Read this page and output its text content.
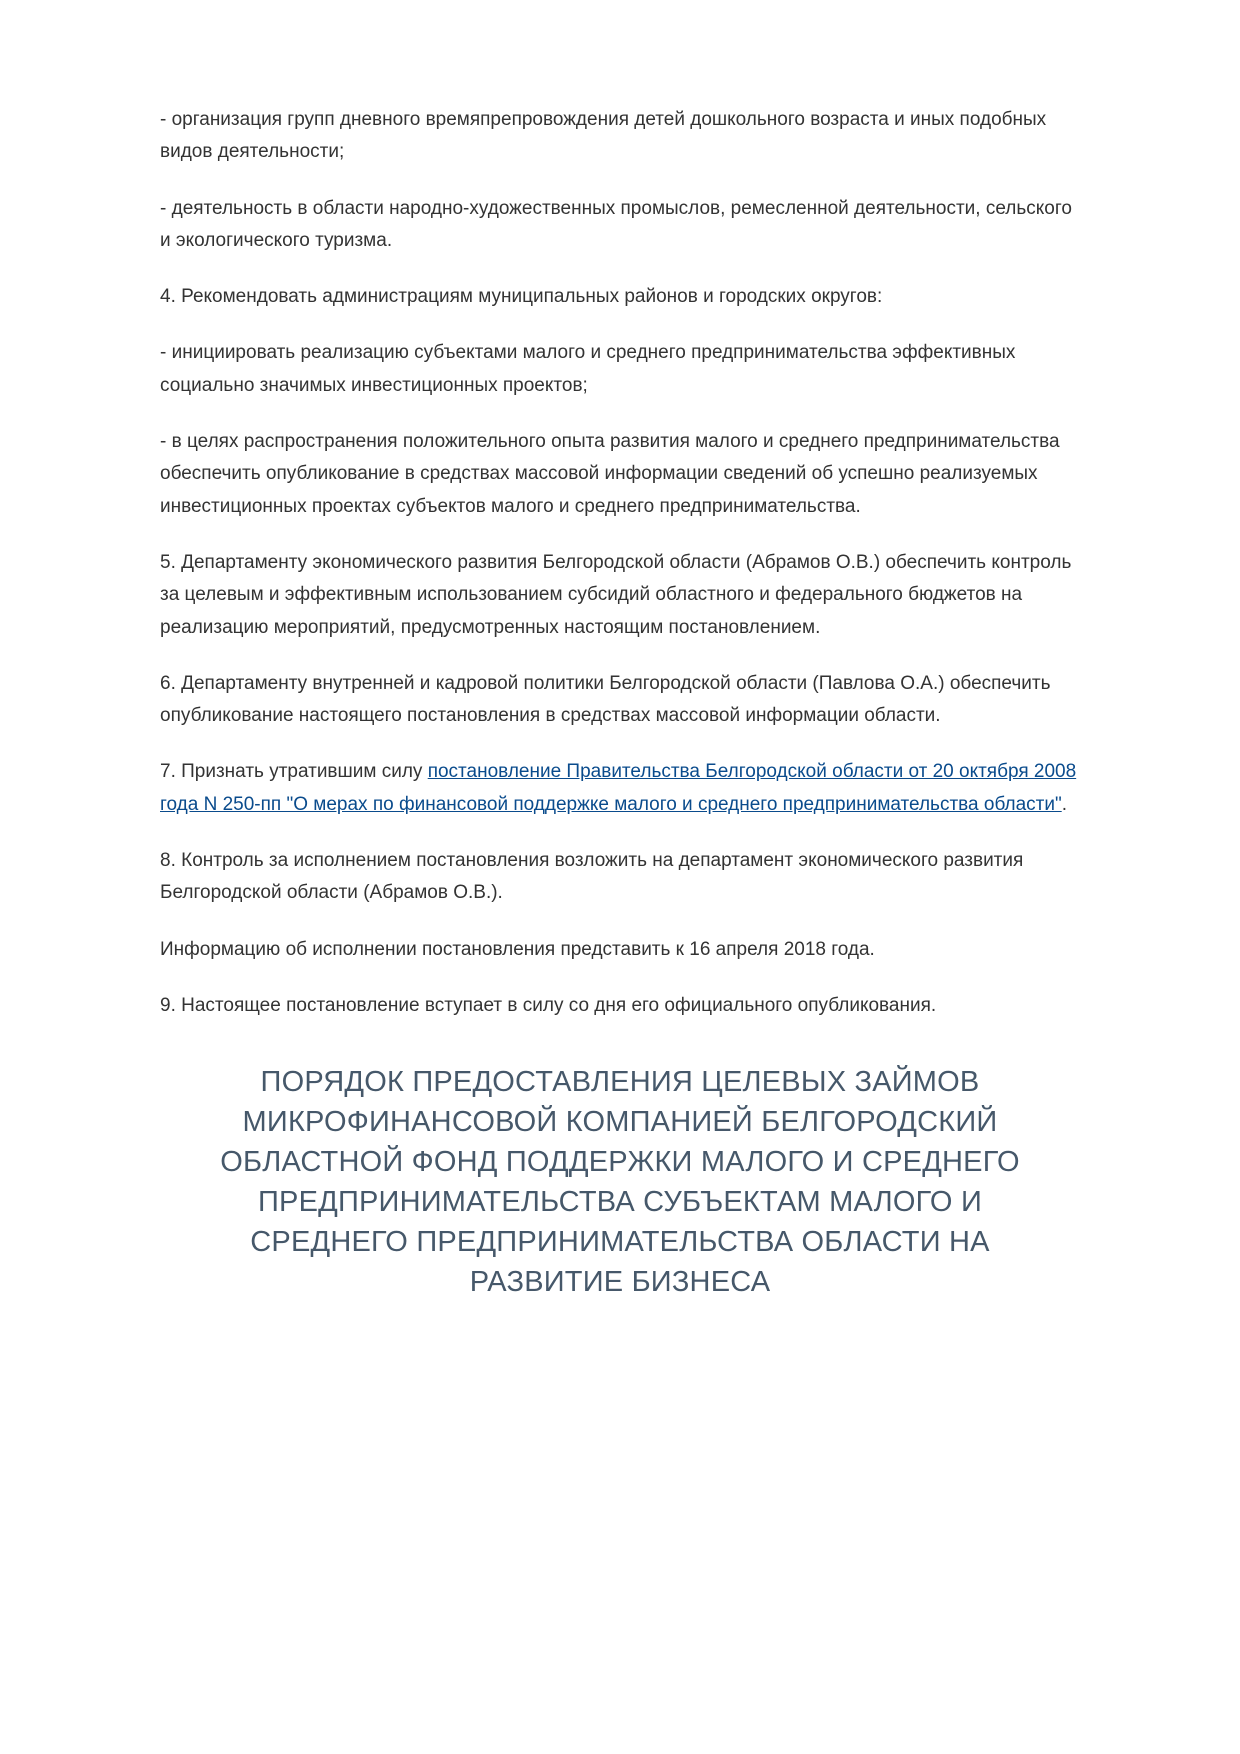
- организация групп дневного времяпрепровождения детей дошкольного возраста и иных подобных видов деятельности;

- деятельность в области народно-художественных промыслов, ремесленной деятельности, сельского и экологического туризма.

4. Рекомендовать администрациям муниципальных районов и городских округов:

- инициировать реализацию субъектами малого и среднего предпринимательства эффективных социально значимых инвестиционных проектов;

- в целях распространения положительного опыта развития малого и среднего предпринимательства обеспечить опубликование в средствах массовой информации сведений об успешно реализуемых инвестиционных проектах субъектов малого и среднего предпринимательства.

5. Департаменту экономического развития Белгородской области (Абрамов О.В.) обеспечить контроль за целевым и эффективным использованием субсидий областного и федерального бюджетов на реализацию мероприятий, предусмотренных настоящим постановлением.

6. Департаменту внутренней и кадровой политики Белгородской области (Павлова О.А.) обеспечить опубликование настоящего постановления в средствах массовой информации области.

7. Признать утратившим силу постановление Правительства Белгородской области от 20 октября 2008 года N 250-пп "О мерах по финансовой поддержке малого и среднего предпринимательства области".

8. Контроль за исполнением постановления возложить на департамент экономического развития Белгородской области (Абрамов О.В.).

Информацию об исполнении постановления представить к 16 апреля 2018 года.

9. Настоящее постановление вступает в силу со дня его официального опубликования.

ПОРЯДОК ПРЕДОСТАВЛЕНИЯ ЦЕЛЕВЫХ ЗАЙМОВ МИКРОФИНАНСОВОЙ КОМПАНИЕЙ БЕЛГОРОДСКИЙ ОБЛАСТНОЙ ФОНД ПОДДЕРЖКИ МАЛОГО И СРЕДНЕГО ПРЕДПРИНИМАТЕЛЬСТВА СУБЪЕКТАМ МАЛОГО И СРЕДНЕГО ПРЕДПРИНИМАТЕЛЬСТВА ОБЛАСТИ НА РАЗВИТИЕ БИЗНЕСА
